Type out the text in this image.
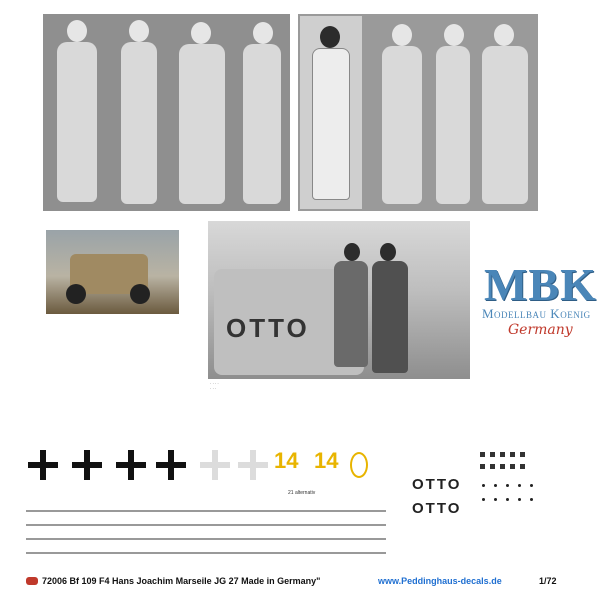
OTTO
· · · ·
· · ·
MBK
Modellbau Koenig
Germany
14 14
OTTO
OTTO
21 alternativ
72006 Bf 109 F4 Hans Joachim Marseile JG 27 Made in Germany"	www.Peddinghaus-decals.de	1/72
